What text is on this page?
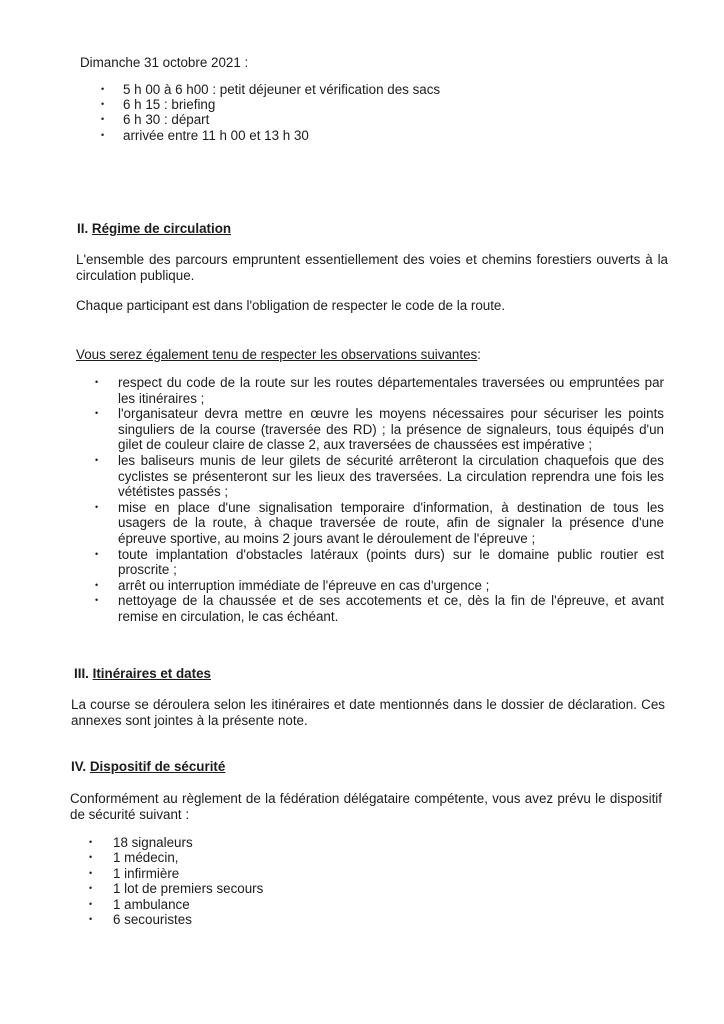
Dimanche 31 octobre 2021 :
• 5 h 00 à 6 h00 : petit déjeuner et vérification des sacs
• 6 h 15 : briefing
• 6 h 30 : départ
• arrivée entre 11 h 00 et 13 h 30
II. Régime de circulation
L'ensemble des parcours empruntent essentiellement des voies et chemins forestiers ouverts à la circulation publique.
Chaque participant est dans l'obligation de respecter le code de la route.
Vous serez également tenu de respecter les observations suivantes:
• respect du code de la route sur les routes départementales traversées ou empruntées par les itinéraires ;
• l'organisateur devra mettre en œuvre les moyens nécessaires pour sécuriser les points singuliers de la course (traversée des RD) ; la présence de signaleurs, tous équipés d'un gilet de couleur claire de classe 2, aux traversées de chaussées est impérative ;
• les baliseurs munis de leur gilets de sécurité arrêteront la circulation chaquefois que des cyclistes se présenteront sur les lieux des traversées. La circulation reprendra une fois les vététistes passés ;
• mise en place d'une signalisation temporaire d'information, à destination de tous les usagers de la route, à chaque traversée de route, afin de signaler la présence d'une épreuve sportive, au moins 2 jours avant le déroulement de l'épreuve ;
• toute implantation d'obstacles latéraux (points durs) sur le domaine public routier est proscrite ;
• arrêt ou interruption immédiate de l'épreuve en cas d'urgence ;
• nettoyage de la chaussée et de ses accotements et ce, dès la fin de l'épreuve, et avant remise en circulation, le cas échéant.
III. Itinéraires et dates
La course se déroulera selon les itinéraires et date mentionnés dans le dossier de déclaration. Ces annexes sont jointes à la présente note.
IV. Dispositif de sécurité
Conformément au règlement de la fédération délégataire compétente, vous avez prévu le dispositif de sécurité suivant :
• 18 signaleurs
• 1 médecin,
• 1 infirmière
• 1 lot de premiers secours
• 1 ambulance
• 6 secouristes
